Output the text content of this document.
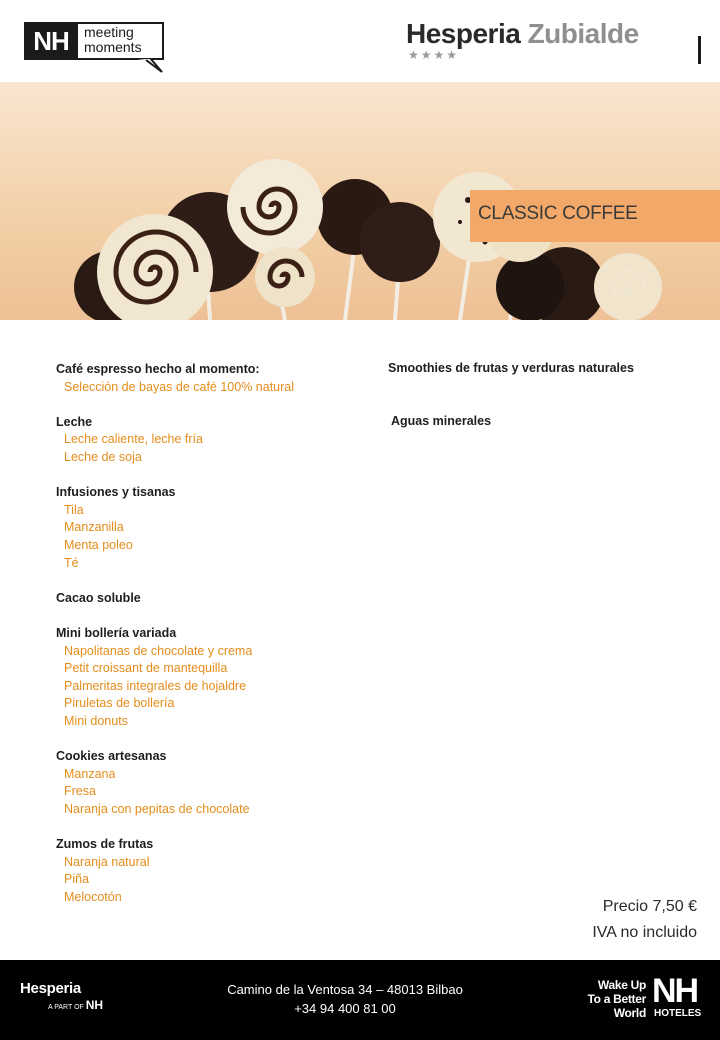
NH	meeting
moments	Hesperia Zubialde
★★★★
CLASSIC COFFEE
Café espresso hecho al momento:
Selección de bayas de café 100% natural
Leche
Leche caliente, leche fría
Leche de soja
Infusiones y tisanas
Tila
Manzanilla
Menta poleo
Té
Cacao soluble
Mini bollería variada
Napolitanas de chocolate y crema
Petit croissant de mantequilla
Palmeritas integrales de hojaldre
Piruletas de bollería
Mini donuts
Cookies artesanas
Manzana
Fresa
Naranja con pepitas de chocolate
Zumos de frutas
Naranja natural
Piña
Melocotón
Smoothies de frutas y verduras naturales
Aguas minerales
Precio 7,50 €
IVA no incluido
Hesperia
A PART OF NH
Camino de la Ventosa 34 – 48013 Bilbao
+34 94 400 81 00
Wake Up
To a Better
World
NH
HOTELES
